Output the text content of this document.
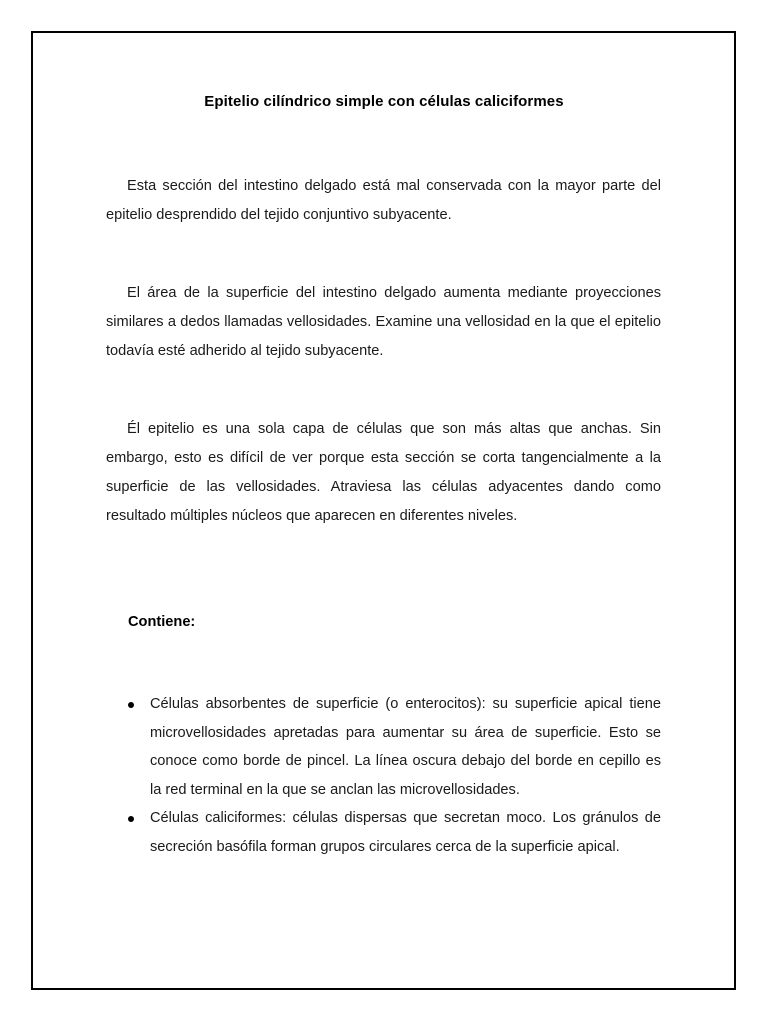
Epitelio cilíndrico simple con células caliciformes

Esta sección del intestino delgado está mal conservada con la mayor parte del epitelio desprendido del tejido conjuntivo subyacente.

El área de la superficie del intestino delgado aumenta mediante proyecciones similares a dedos llamadas vellosidades. Examine una vellosidad en la que el epitelio todavía esté adherido al tejido subyacente.

Él epitelio es una sola capa de células que son más altas que anchas. Sin embargo, esto es difícil de ver porque esta sección se corta tangencialmente a la superficie de las vellosidades. Atraviesa las células adyacentes dando como resultado múltiples núcleos que aparecen en diferentes niveles.

Contiene:
Células absorbentes de superficie (o enterocitos): su superficie apical tiene microvellosidades apretadas para aumentar su área de superficie. Esto se conoce como borde de pincel. La línea oscura debajo del borde en cepillo es la red terminal en la que se anclan las microvellosidades.
Células caliciformes: células dispersas que secretan moco. Los gránulos de secreción basófila forman grupos circulares cerca de la superficie apical.
